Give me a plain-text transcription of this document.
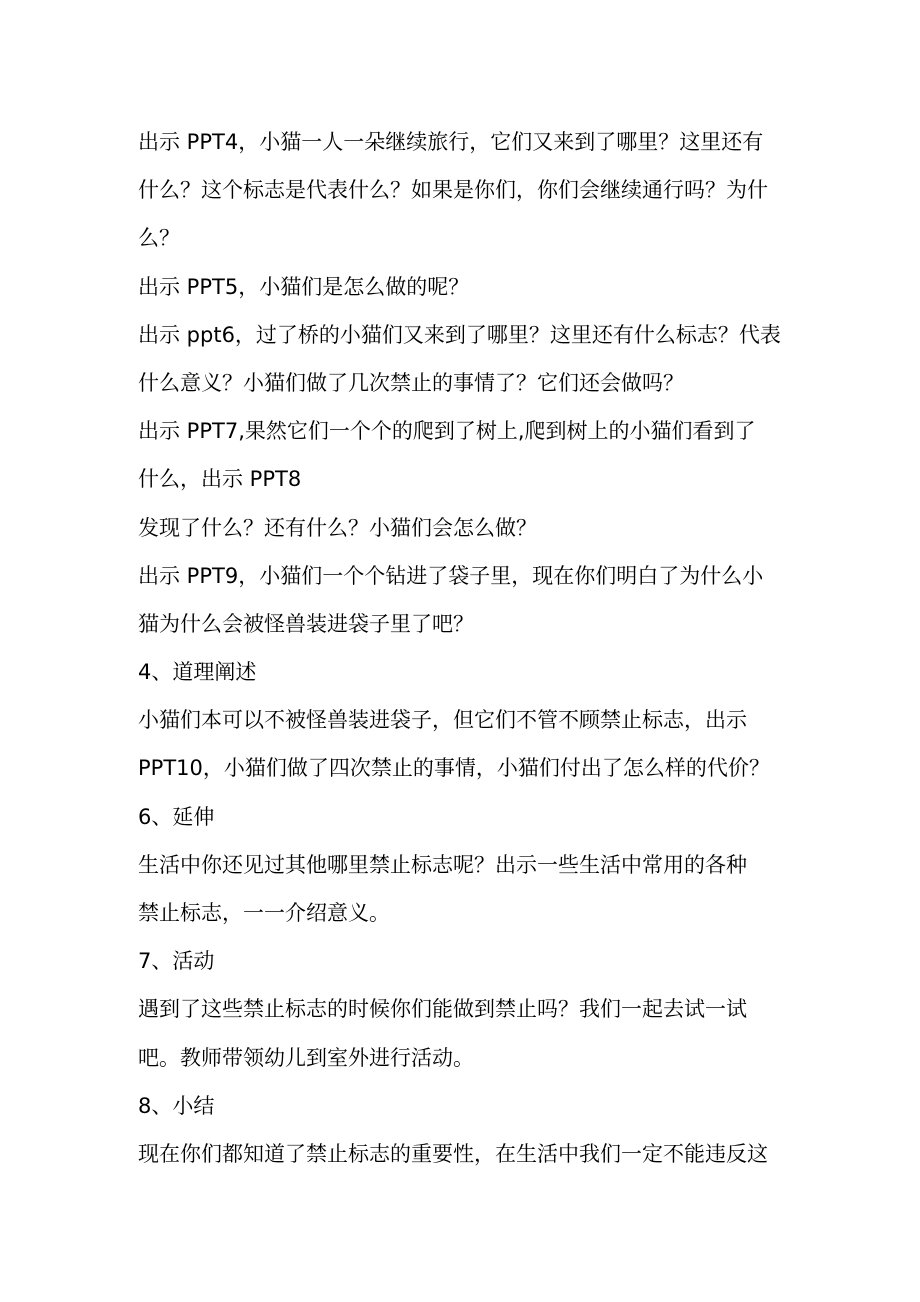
出示 PPT4，小猫一人一朵继续旅行，它们又来到了哪里？这里还有
什么？这个标志是代表什么？如果是你们，你们会继续通行吗？为什
么？
出示 PPT5，小猫们是怎么做的呢？
出示 ppt6，过了桥的小猫们又来到了哪里？这里还有什么标志？代表
什么意义？小猫们做了几次禁止的事情了？它们还会做吗？
出示 PPT7,果然它们一个个的爬到了树上,爬到树上的小猫们看到了
什么，出示 PPT8
发现了什么？还有什么？小猫们会怎么做？
出示 PPT9，小猫们一个个钻进了袋子里，现在你们明白了为什么小
猫为什么会被怪兽装进袋子里了吧？
4、道理阐述
小猫们本可以不被怪兽装进袋子，但它们不管不顾禁止标志，出示
PPT10，小猫们做了四次禁止的事情，小猫们付出了怎么样的代价？
6、延伸
生活中你还见过其他哪里禁止标志呢？出示一些生活中常用的各种
禁止标志，一一介绍意义。
7、活动
遇到了这些禁止标志的时候你们能做到禁止吗？我们一起去试一试
吧。教师带领幼儿到室外进行活动。
8、小结
现在你们都知道了禁止标志的重要性，在生活中我们一定不能违反这
